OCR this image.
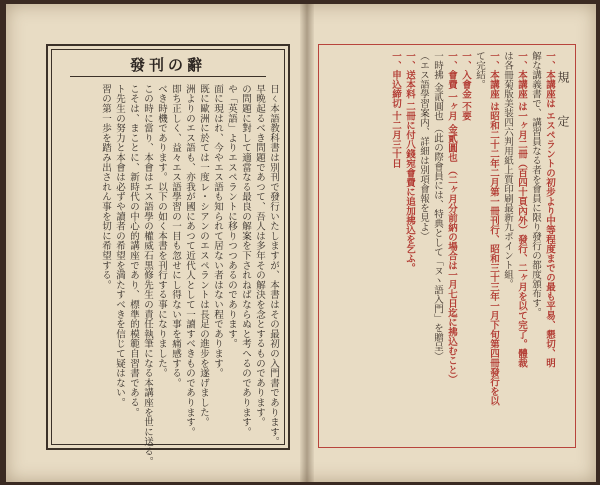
發刊の辭
日ㄑ本語教科書は別刊で發行いたしますが、本書はその最初の入門書であります。
早晩起るべき問題であつて、吾人は多年その解決を念とするものであります。
の問題に對して適當なる最良の解案を下されねばならぬと考へるのであります。
や「英語」よりエスペラントに移りつつあるのであります。
面に現はれ、今やエス語も知られて居ない者はない程であります。
既に歐洲に於ては一度レ・シアンのエスペラントは長足の進步を遂げました。
洲よりのエス語も、亦我が國にあつて近代人として一讀すべきものであります。
即ち正しく、益々エス語學習の一目も忽せにし得ない事を痛感する。
べき時機であります。以下の如く本書を刊行する事になりました。
この時に當り、本會はエス語學の權威石黒修先生の責任執筆になる本講座を世に送る。
こそは、まことに、新時代の中心的講座であり、標準的模範自習書である。
ト先生の努力と本會は必ずや讀者の希望を満たすべきを信じて疑はない。
習の第一歩を踏み出されん事を切に希望する。	規　定
一、本講座は エスペラントの初步より中等程度までの最も平易、懇切、明
解な講義書で、講習員なる者を會員に限り發行の都度頒布す。
一、本講座 は一ヶ月二冊（百四十頁內外）發行、二ヶ月を以て完了。體裁
は各冊菊版美装四六判用紙上質印刷最新九ポイント組。
一、本講座 は昭和二十二年二月第一冊刊行、昭和三十三年一月下旬第四冊發行を以
て完結。
一、入會金 不要
一、會費 一ヶ月 金貳圓也 （二ヶ月分前納の場合は一月七日迄に拂込むこと）
一時拂 金貳圓也 （此の際會員には、特典として「ヌヽ語入門」を贈呈）
（エス語學習案内、詳細は別項會報を見よ）
一、送本料 二冊に付八錢宛會費に追加拂込を乞ふ。
一、申込締切 十二月三十日
